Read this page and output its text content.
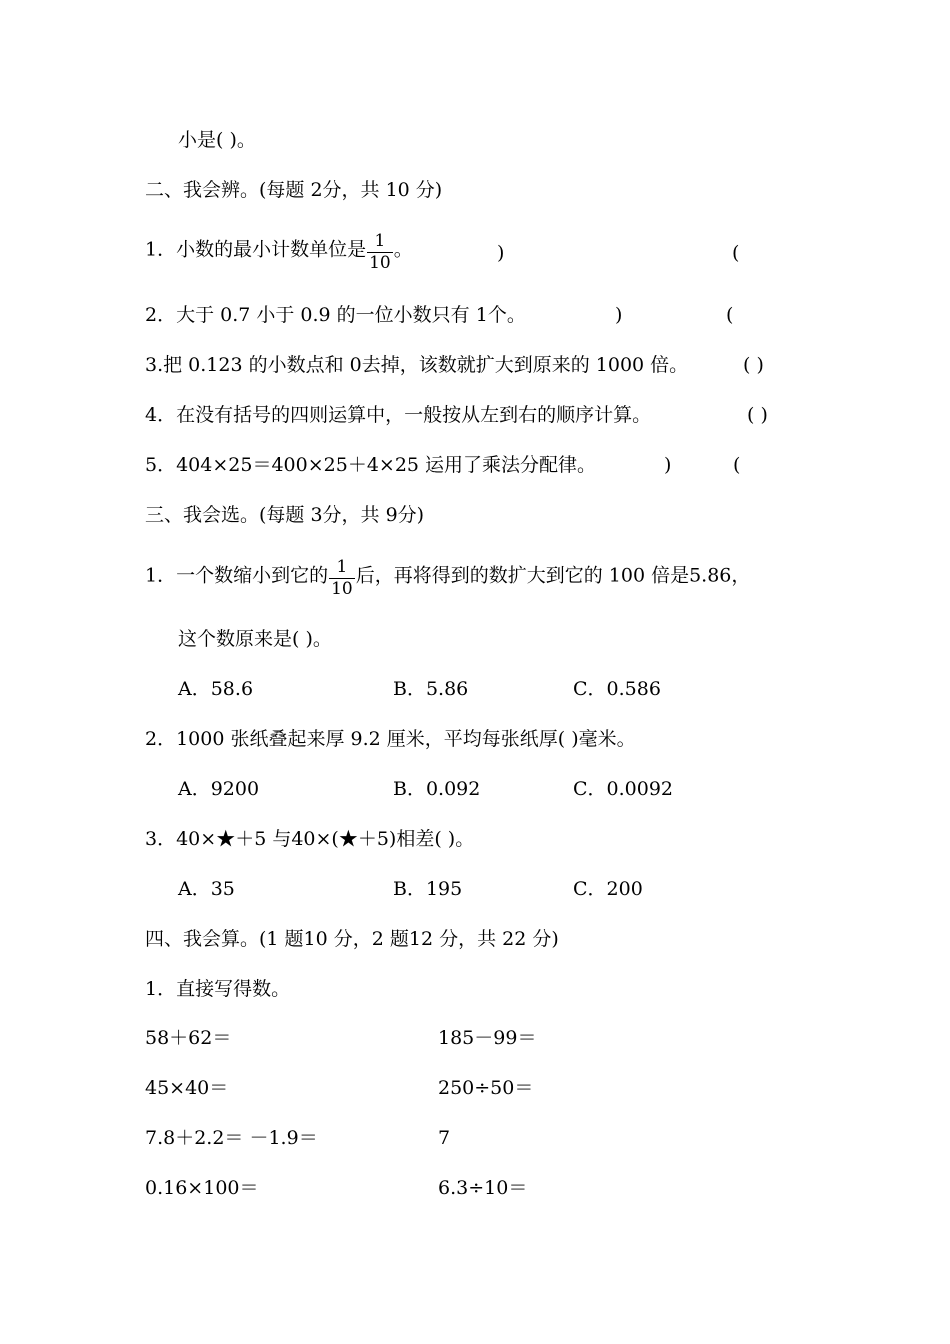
小是( )。
二、我会辨。(每题 2分，共 10 分)
1．小数的最小计数单位是 $\frac{1}{10}$ 。	)	(
2．大于 0.7 小于 0.9 的一位小数只有 1个。	)	(
3.把 0.123 的小数点和 0去掉，该数就扩大到原来的 1000 倍。	( )
4．在没有括号的四则运算中，一般按从左到右的顺序计算。	( )
5．404×25＝400×25＋4×25 运用了乘法分配律。	)	(
三、我会选。(每题 3分，共 9分)
1．一个数缩小到它的 $\frac{1}{10}$ 后，再将得到的数扩大到它的 100 倍是5.86，
这个数原来是( )。
A．58.6	B．5.86	C．0.586
2．1000 张纸叠起来厚 9.2 厘米，平均每张纸厚( )毫米。
A．9200	B．0.092	C．0.0092
3．40×★＋5 与40×(★＋5)相差( )。
A．35	B．195	C．200
四、我会算。(1 题10 分，2 题12 分，共 22 分)
1．直接写得数。
58＋62＝	185－99＝
45×40＝	250÷50＝
7.8＋2.2＝ －1.9＝	7
0.16×100＝	6.3÷10＝
